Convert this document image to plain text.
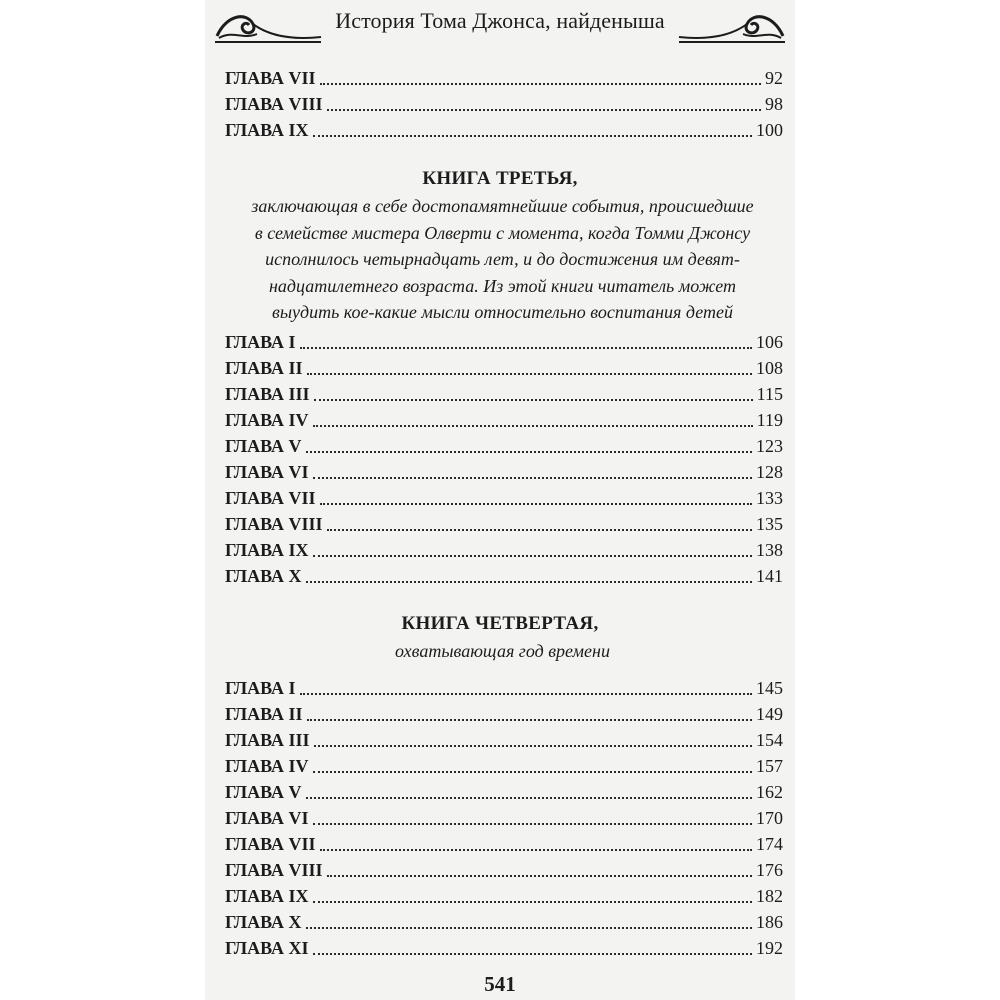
История Тома Джонса, найденыша
ГЛАВА VII	92
ГЛАВА VIII	98
ГЛАВА IX	100
КНИГА ТРЕТЬЯ,
заключающая в себе достопамятнейшие события, происшедшие
в семействе мистера Олверти с момента, когда Томми Джонсу
исполнилось четырнадцать лет, и до достижения им девят-
надцатилетнего возраста. Из этой книги читатель может
выудить кое-какие мысли относительно воспитания детей
ГЛАВА I	106
ГЛАВА II	108
ГЛАВА III	115
ГЛАВА IV	119
ГЛАВА V	123
ГЛАВА VI	128
ГЛАВА VII	133
ГЛАВА VIII	135
ГЛАВА IX	138
ГЛАВА X	141
КНИГА ЧЕТВЕРТАЯ,
охватывающая год времени
ГЛАВА I	145
ГЛАВА II	149
ГЛАВА III	154
ГЛАВА IV	157
ГЛАВА V	162
ГЛАВА VI	170
ГЛАВА VII	174
ГЛАВА VIII	176
ГЛАВА IX	182
ГЛАВА X	186
ГЛАВА XI	192
541
